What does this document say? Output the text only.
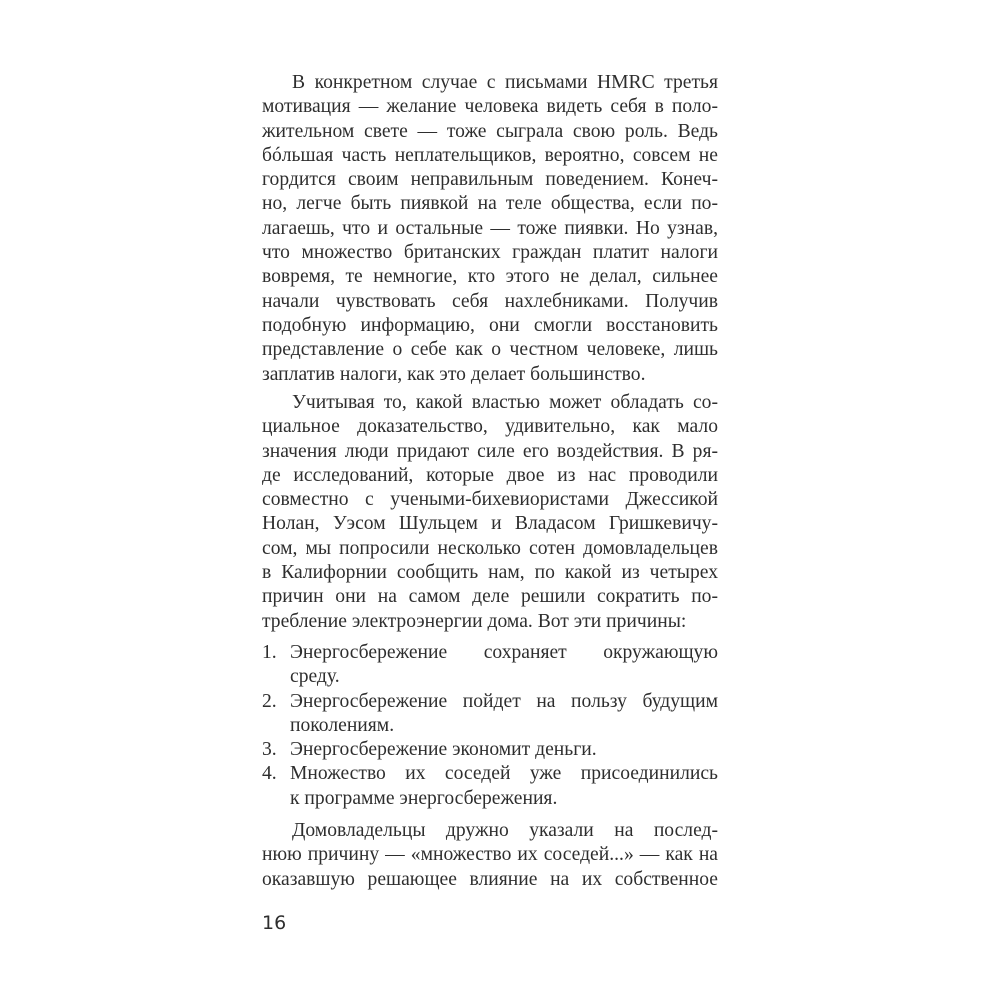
В конкретном случае с письмами HMRC третья
мотивация — желание человека видеть себя в поло-
жительном свете — тоже сыграла свою роль. Ведь
бóльшая часть неплательщиков, вероятно, совсем не
гордится своим неправильным поведением. Конеч-
но, легче быть пиявкой на теле общества, если по-
лагаешь, что и остальные — тоже пиявки. Но узнав,
что множество британских граждан платит налоги
вовремя, те немногие, кто этого не делал, сильнее
начали чувствовать себя нахлебниками. Получив
подобную информацию, они смогли восстановить
представление о себе как о честном человеке, лишь
заплатив налоги, как это делает большинство.
Учитывая то, какой властью может обладать со-
циальное доказательство, удивительно, как мало
значения люди придают силе его воздействия. В ря-
де исследований, которые двое из нас проводили
совместно с учеными-бихевиористами Джессикой
Нолан, Уэсом Шульцем и Владасом Гришкевичу-
сом, мы попросили несколько сотен домовладельцев
в Калифорнии сообщить нам, по какой из четырех
причин они на самом деле решили сократить по-
требление электроэнергии дома. Вот эти причины:
1. Энергосбережение сохраняет окружающую
среду.
2. Энергосбережение пойдет на пользу будущим
поколениям.
3. Энергосбережение экономит деньги.
4. Множество их соседей уже присоединились
к программе энергосбережения.
Домовладельцы дружно указали на послед-
нюю причину — «множество их соседей...» — как на
оказавшую решающее влияние на их собственное
16
